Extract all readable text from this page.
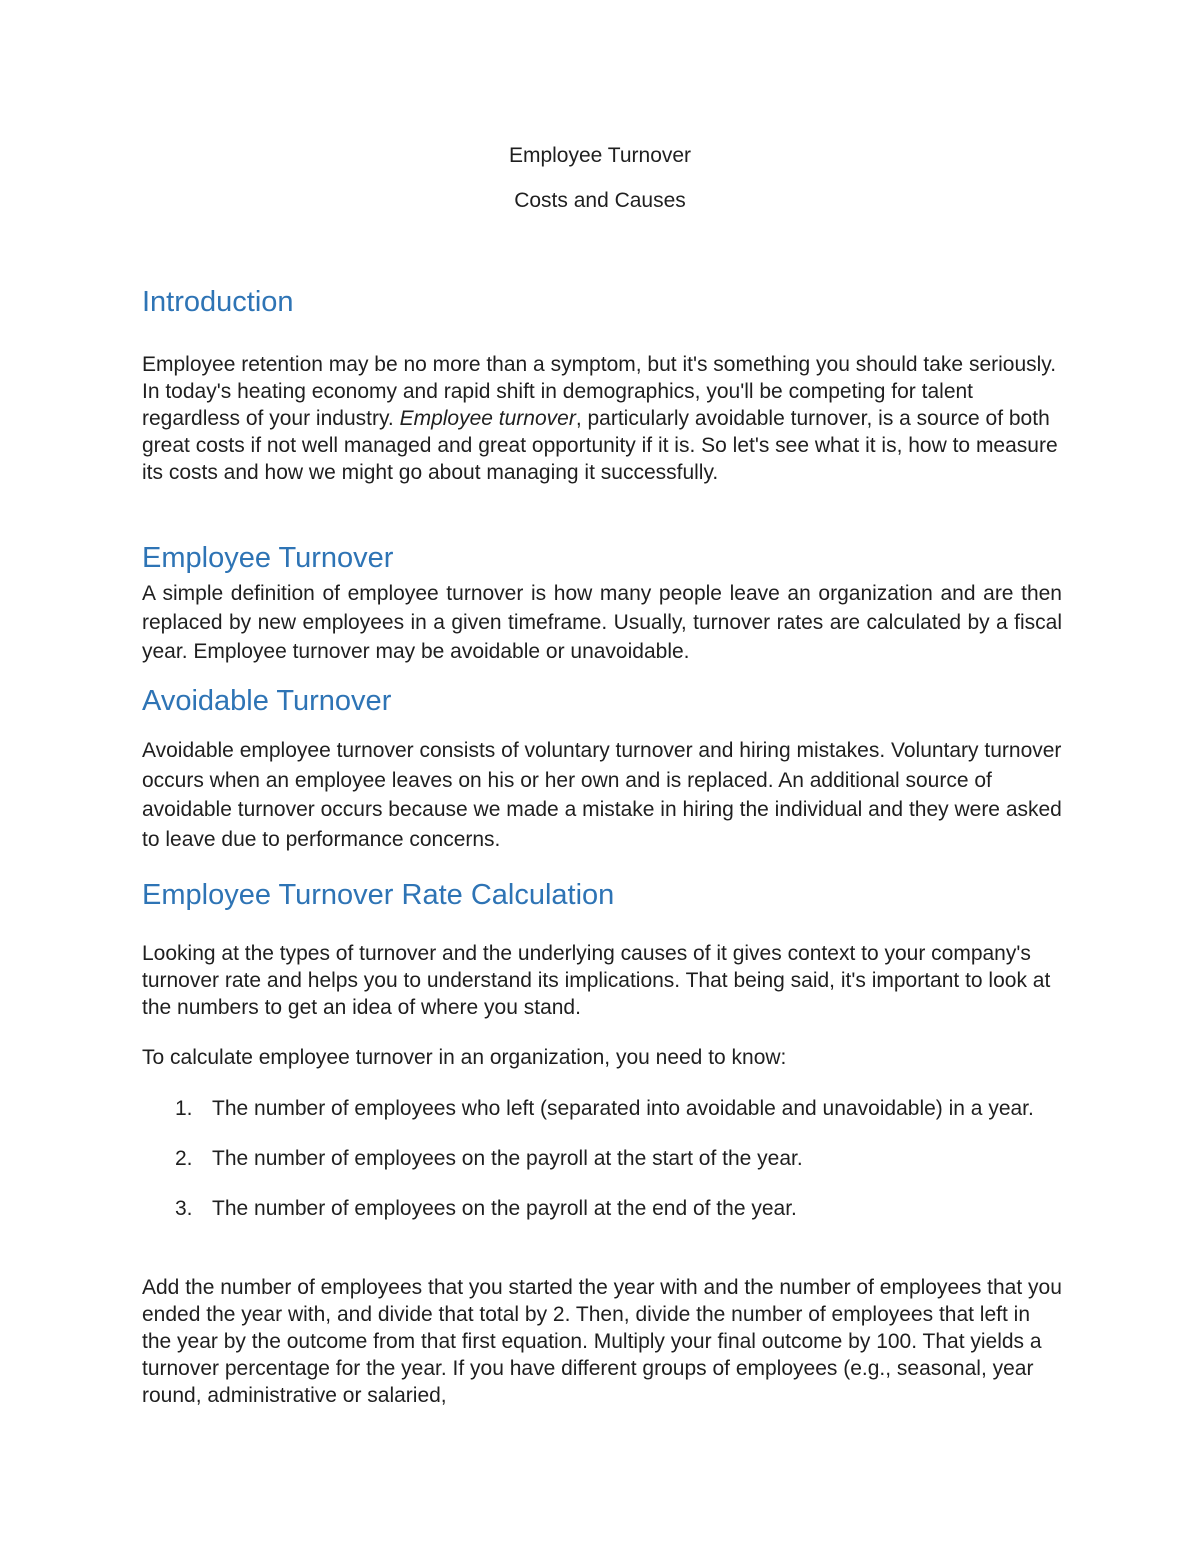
Employee Turnover
Costs and Causes
Introduction

Employee retention may be no more than a symptom, but it's something you should take seriously. In today's heating economy and rapid shift in demographics, you'll be competing for talent regardless of your industry. Employee turnover, particularly avoidable turnover, is a source of both great costs if not well managed and great opportunity if it is. So let's see what it is, how to measure its costs and how we might go about managing it successfully.

Employee Turnover

A simple definition of employee turnover is how many people leave an organization and are then replaced by new employees in a given timeframe. Usually, turnover rates are calculated by a fiscal year. Employee turnover may be avoidable or unavoidable.

Avoidable Turnover

Avoidable employee turnover consists of voluntary turnover and hiring mistakes. Voluntary turnover occurs when an employee leaves on his or her own and is replaced. An additional source of avoidable turnover occurs because we made a mistake in hiring the individual and they were asked to leave due to performance concerns.

Employee Turnover Rate Calculation

Looking at the types of turnover and the underlying causes of it gives context to your company's turnover rate and helps you to understand its implications. That being said, it's important to look at the numbers to get an idea of where you stand.

To calculate employee turnover in an organization, you need to know:

1. The number of employees who left (separated into avoidable and unavoidable) in a year.
2. The number of employees on the payroll at the start of the year.
3. The number of employees on the payroll at the end of the year.

Add the number of employees that you started the year with and the number of employees that you ended the year with, and divide that total by 2. Then, divide the number of employees that left in the year by the outcome from that first equation. Multiply your final outcome by 100. That yields a turnover percentage for the year. If you have different groups of employees (e.g., seasonal, year round, administrative or salaried,
